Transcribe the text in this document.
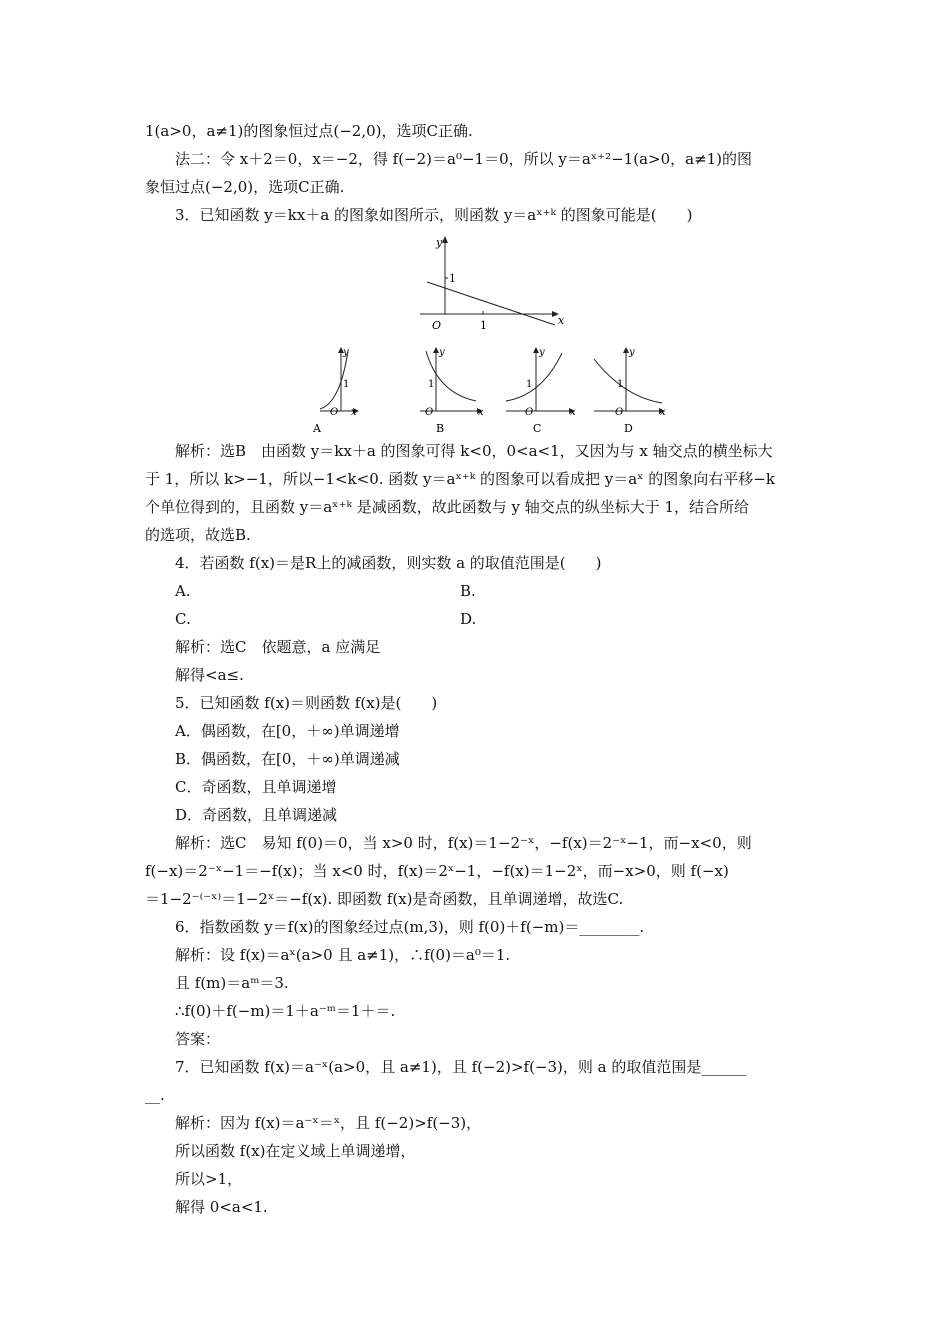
1(a>0，a≠1)的图象恒过点(−2,0)，选项C正确.
法二：令 x＋2＝0，x＝−2，得 f(−2)＝a⁰−1＝0，所以 y＝aˣ⁺²−1(a>0，a≠1)的图
象恒过点(−2,0)，选项C正确.
3．已知函数 y＝kx＋a 的图象如图所示，则函数 y＝aˣ⁺ᵏ 的图象可能是(　　)
y
x
O	1
1
y
x
O
1
A
y
x
O
1
B
y
x
O
1
C
y
x
O
1
D
解析：选B　由函数 y＝kx＋a 的图象可得 k<0，0<a<1，又因为与 x 轴交点的横坐标大
于 1，所以 k>−1，所以−1<k<0. 函数 y＝aˣ⁺ᵏ 的图象可以看成把 y＝aˣ 的图象向右平移−k
个单位得到的，且函数 y＝aˣ⁺ᵏ 是减函数，故此函数与 y 轴交点的纵坐标大于 1，结合所给
的选项，故选B.
4．若函数 f(x)＝是R上的减函数，则实数 a 的取值范围是(　　)
A.	B.
C.	D.
解析：选C　依题意，a 应满足
解得<a≤.
5．已知函数 f(x)＝则函数 f(x)是(　　)
A．偶函数，在[0，＋∞)单调递增
B．偶函数，在[0，＋∞)单调递减
C．奇函数，且单调递增
D．奇函数，且单调递减
解析：选C　易知 f(0)＝0，当 x>0 时，f(x)＝1−2⁻ˣ，−f(x)＝2⁻ˣ−1，而−x<0，则
f(−x)＝2⁻ˣ−1＝−f(x)；当 x<0 时，f(x)＝2ˣ−1，−f(x)＝1−2ˣ，而−x>0，则 f(−x)
＝1−2⁻⁽⁻ˣ⁾＝1−2ˣ＝−f(x). 即函数 f(x)是奇函数，且单调递增，故选C.
6．指数函数 y＝f(x)的图象经过点(m,3)，则 f(0)＋f(−m)＝________.
解析：设 f(x)＝aˣ(a>0 且 a≠1)，∴f(0)＝a⁰＝1.
且 f(m)＝aᵐ＝3.
∴f(0)＋f(−m)＝1＋a⁻ᵐ＝1＋＝.
答案：
7．已知函数 f(x)＝a⁻ˣ(a>0，且 a≠1)，且 f(−2)>f(−3)，则 a 的取值范围是______
__.
解析：因为 f(x)＝a⁻ˣ＝ˣ，且 f(−2)>f(−3)，
所以函数 f(x)在定义域上单调递增，
所以>1，
解得 0<a<1.
